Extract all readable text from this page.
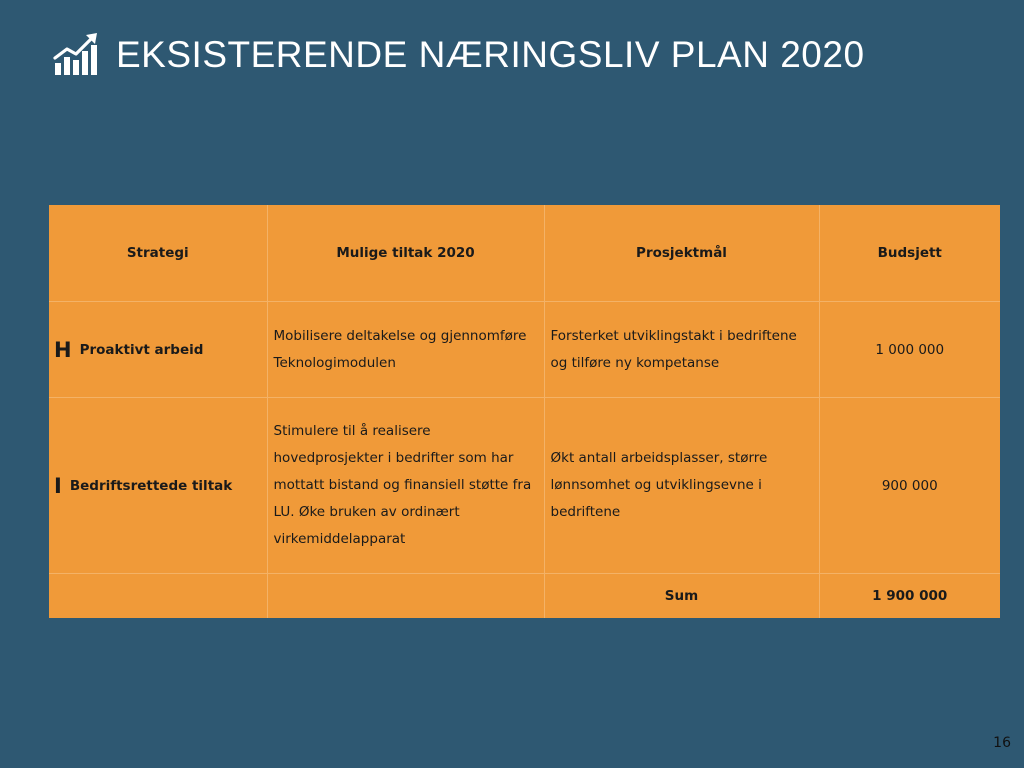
EKSISTERENDE NÆRINGSLIV PLAN 2020
Strategi	Mulige tiltak 2020	Prosjektmål	Budsjett

H Proaktivt arbeid	Mobilisere deltakelse og gjennomføre Teknologimodulen	Forsterket utviklingstakt i bedriftene og tilføre ny kompetanse	1 000 000

I Bedriftsrettede tiltak	Stimulere til å realisere hovedprosjekter i bedrifter som har mottatt bistand og finansiell støtte fra LU. Øke bruken av ordinært virkemiddelapparat	Økt antall arbeidsplasser, større lønnsomhet og utviklingsevne i bedriftene	900 000
		Sum	1 900 000
16
